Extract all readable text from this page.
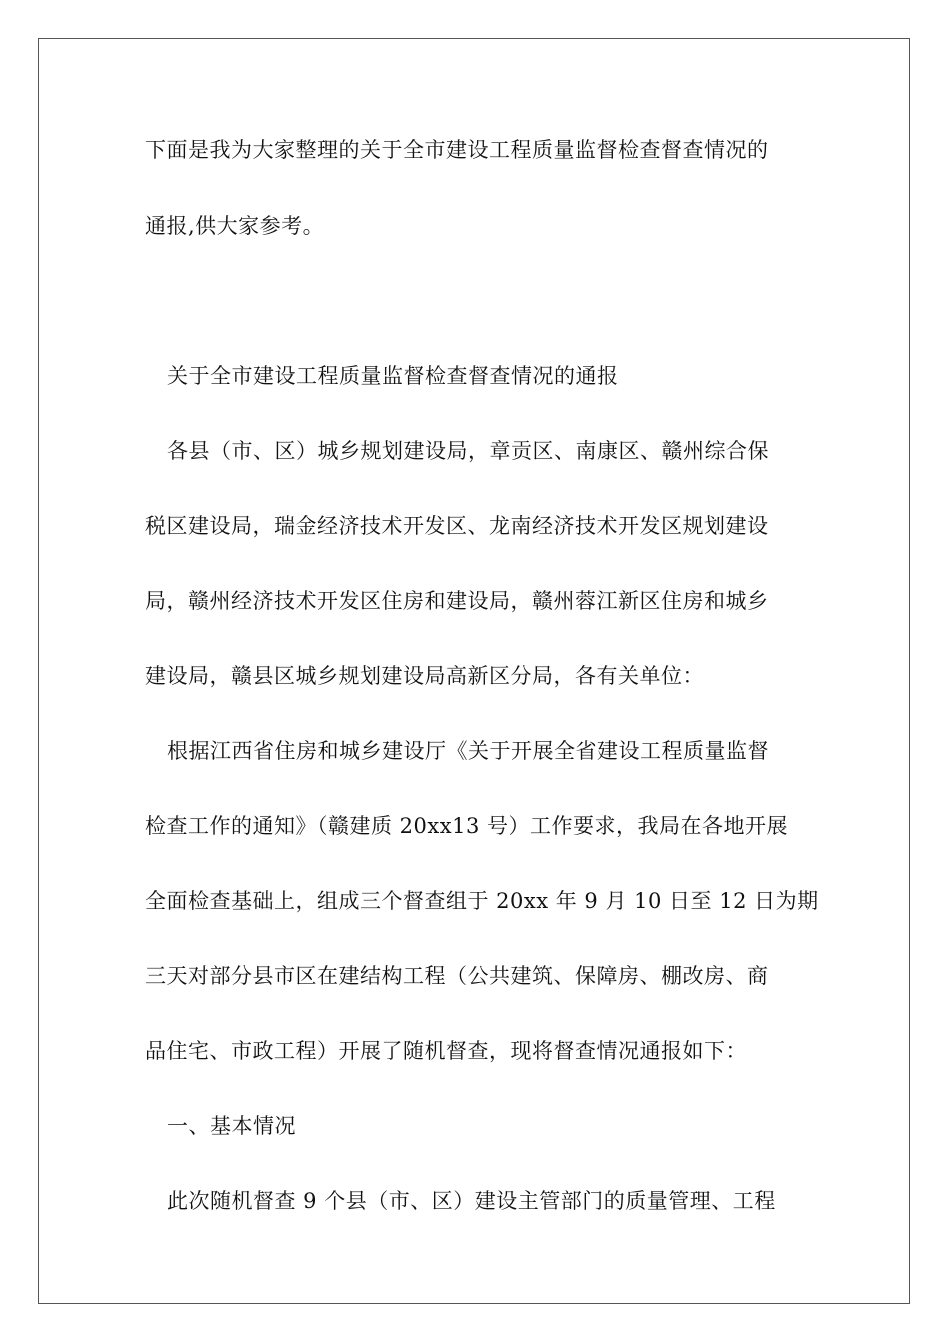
下面是我为大家整理的关于全市建设工程质量监督检查督查情况的
通报,供大家参考。
关于全市建设工程质量监督检查督查情况的通报
各县（市、区）城乡规划建设局，章贡区、南康区、赣州综合保
税区建设局，瑞金经济技术开发区、龙南经济技术开发区规划建设
局，赣州经济技术开发区住房和建设局，赣州蓉江新区住房和城乡
建设局，赣县区城乡规划建设局高新区分局，各有关单位：
根据江西省住房和城乡建设厅《关于开展全省建设工程质量监督
检查工作的通知》（赣建质 20xx13 号）工作要求，我局在各地开展
全面检查基础上，组成三个督查组于 20xx 年 9 月 10 日至 12 日为期
三天对部分县市区在建结构工程（公共建筑、保障房、棚改房、商
品住宅、市政工程）开展了随机督查，现将督查情况通报如下：
一、基本情况
此次随机督查 9 个县（市、区）建设主管部门的质量管理、工程
